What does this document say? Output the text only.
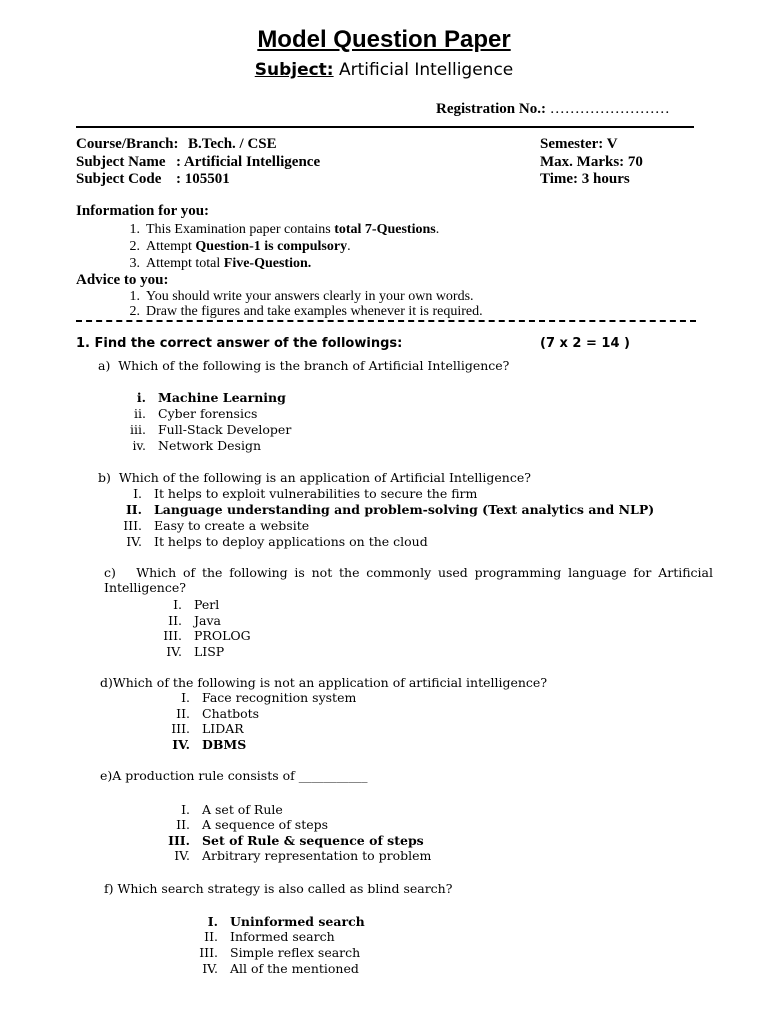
Model Question Paper
Subject: Artificial Intelligence
Registration No.: ……………………
Course/Branch: B.Tech. / CSE
Subject Name : Artificial Intelligence
Subject Code : 105501
Semester: V
Max. Marks: 70
Time: 3 hours
Information for you:
1. This Examination paper contains total 7-Questions.
2. Attempt Question-1 is compulsory.
3. Attempt total Five-Question.
Advice to you:
1. You should write your answers clearly in your own words.
2. Draw the figures and take examples whenever it is required.
1. Find the correct answer of the followings:	(7 x 2 = 14 )
a) Which of the following is the branch of Artificial Intelligence?
i. Machine Learning
ii. Cyber forensics
iii. Full-Stack Developer
iv. Network Design
b) Which of the following is an application of Artificial Intelligence?
I. It helps to exploit vulnerabilities to secure the firm
II. Language understanding and problem-solving (Text analytics and NLP)
III. Easy to create a website
IV. It helps to deploy applications on the cloud
c) Which of the following is not the commonly used programming language for Artificial Intelligence?
I. Perl
II. Java
III. PROLOG
IV. LISP
d)Which of the following is not an application of artificial intelligence?
I. Face recognition system
II. Chatbots
III. LIDAR
IV. DBMS
e)A production rule consists of ___________
I. A set of Rule
II. A sequence of steps
III. Set of Rule & sequence of steps
IV. Arbitrary representation to problem
f) Which search strategy is also called as blind search?
I. Uninformed search
II. Informed search
III. Simple reflex search
IV. All of the mentioned
